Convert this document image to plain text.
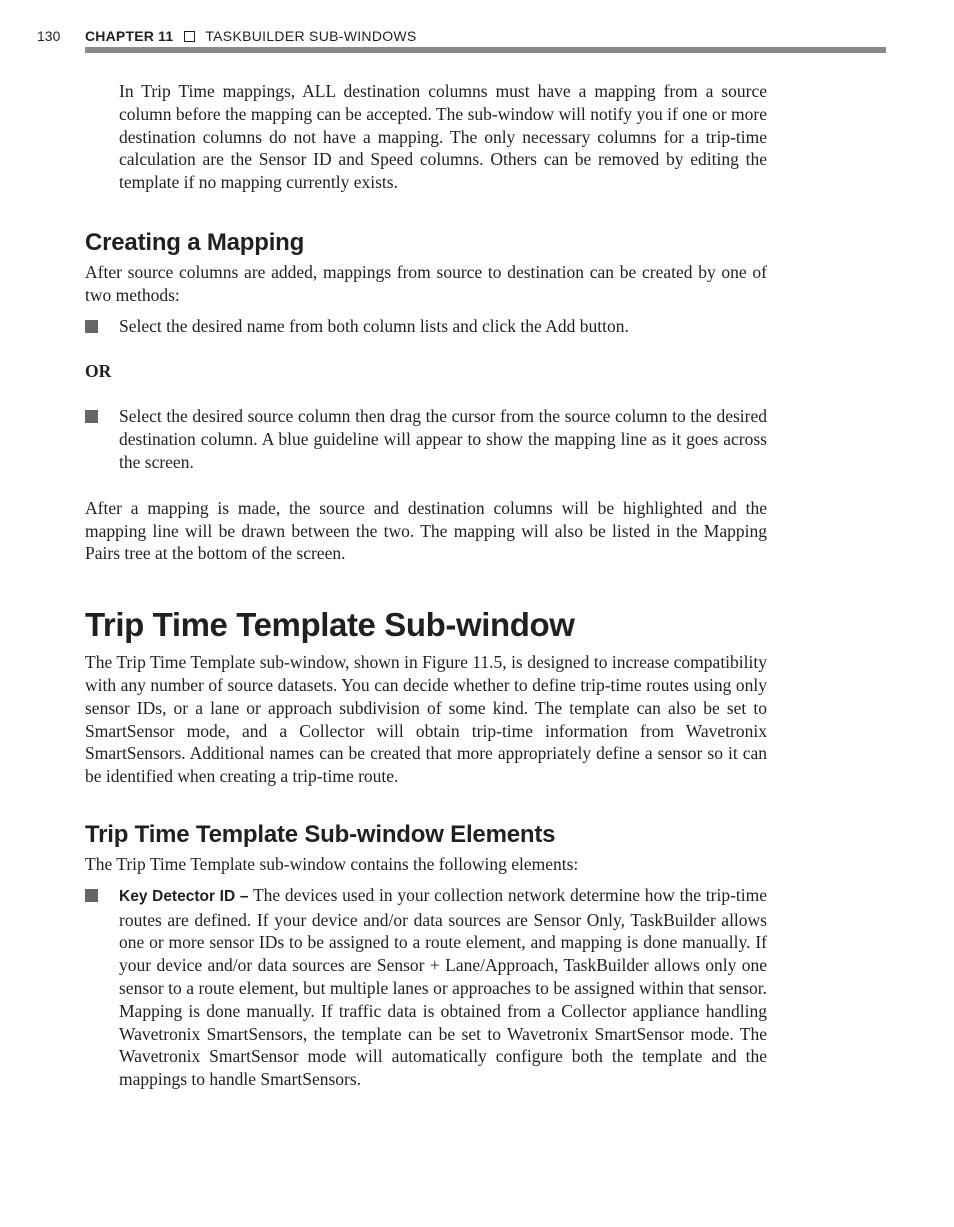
130	CHAPTER 11 TASKBUILDER SUB-WINDOWS

In Trip Time mappings, ALL destination columns must have a mapping from a source column before the mapping can be accepted. The sub-window will notify you if one or more destination columns do not have a mapping. The only necessary columns for a trip-time calculation are the Sensor ID and Speed columns. Others can be removed by editing the template if no mapping currently exists.

Creating a Mapping

After source columns are added, mappings from source to destination can be created by one of two methods:

Select the desired name from both column lists and click the Add button.

OR

Select the desired source column then drag the cursor from the source column to the desired destination column. A blue guideline will appear to show the mapping line as it goes across the screen.

After a mapping is made, the source and destination columns will be highlighted and the mapping line will be drawn between the two. The mapping will also be listed in the Mapping Pairs tree at the bottom of the screen.

Trip Time Template Sub-window

The Trip Time Template sub-window, shown in Figure 11.5, is designed to increase compatibility with any number of source datasets. You can decide whether to define trip-time routes using only sensor IDs, or a lane or approach subdivision of some kind. The template can also be set to SmartSensor mode, and a Collector will obtain trip-time information from Wavetronix SmartSensors. Additional names can be created that more appropriately define a sensor so it can be identified when creating a trip-time route.

Trip Time Template Sub-window Elements

The Trip Time Template sub-window contains the following elements:

Key Detector ID – The devices used in your collection network determine how the trip-time routes are defined. If your device and/or data sources are Sensor Only, TaskBuilder allows one or more sensor IDs to be assigned to a route element, and mapping is done manually. If your device and/or data sources are Sensor + Lane/Approach, TaskBuilder allows only one sensor to a route element, but multiple lanes or approaches to be assigned within that sensor. Mapping is done manually. If traffic data is obtained from a Collector appliance handling Wavetronix SmartSensors, the template can be set to Wavetronix SmartSensor mode. The Wavetronix SmartSensor mode will automatically configure both the template and the mappings to handle SmartSensors.
